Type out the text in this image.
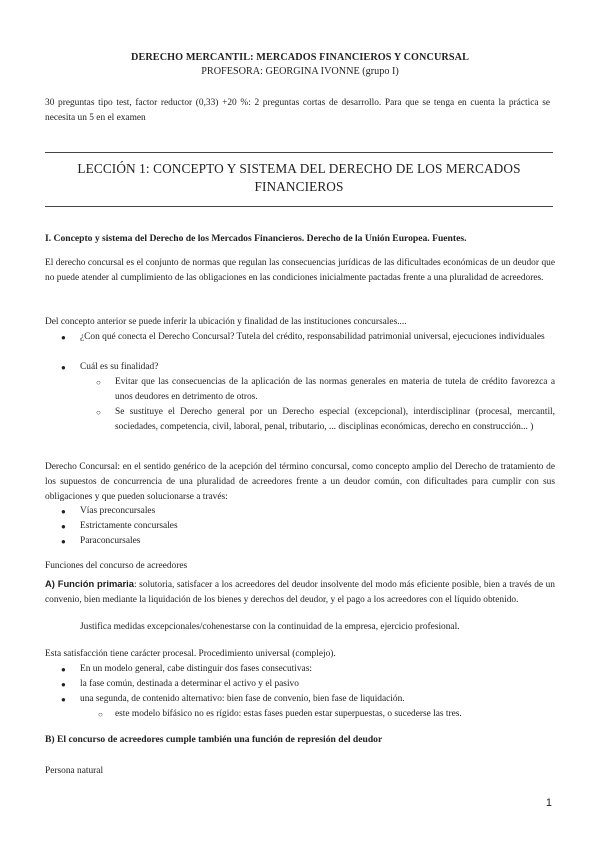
DERECHO MERCANTIL: MERCADOS FINANCIEROS Y CONCURSAL
PROFESORA: GEORGINA IVONNE (grupo I)
30 preguntas tipo test, factor reductor (0,33) +20 %: 2 preguntas cortas de desarrollo. Para que se tenga en cuenta la práctica se necesita un 5 en el examen
LECCIÓN 1: CONCEPTO Y SISTEMA DEL DERECHO DE LOS MERCADOS FINANCIEROS
I. Concepto y sistema del Derecho de los Mercados Financieros. Derecho de la Unión Europea. Fuentes.
El derecho concursal es el conjunto de normas que regulan las consecuencias jurídicas de las dificultades económicas de un deudor que no puede atender al cumplimiento de las obligaciones en las condiciones inicialmente pactadas frente a una pluralidad de acreedores.
Del concepto anterior se puede inferir la ubicación y finalidad de las instituciones concursales....
● ¿Con qué conecta el Derecho Concursal? Tutela del crédito, responsabilidad patrimonial universal, ejecuciones individuales
● Cuál es su finalidad?
○ Evitar que las consecuencias de la aplicación de las normas generales en materia de tutela de crédito favorezca a unos deudores en detrimento de otros.
○ Se sustituye el Derecho general por un Derecho especial (excepcional), interdisciplinar (procesal, mercantil, sociedades, competencia, civil, laboral, penal, tributario, ... disciplinas económicas, derecho en construcción... )
Derecho Concursal: en el sentido genérico de la acepción del término concursal, como concepto amplio del Derecho de tratamiento de los supuestos de concurrencia de una pluralidad de acreedores frente a un deudor común, con dificultades para cumplir con sus obligaciones y que pueden solucionarse a través:
● Vías preconcursales
● Estrictamente concursales
● Paraconcursales
Funciones del concurso de acreedores
A) Función primaria: solutoria, satisfacer a los acreedores del deudor insolvente del modo más eficiente posible, bien a través de un convenio, bien mediante la liquidación de los bienes y derechos del deudor, y el pago a los acreedores con el líquido obtenido.
Justifica medidas excepcionales/cohenestarse con la continuidad de la empresa, ejercicio profesional.
Esta satisfacción tiene carácter procesal. Procedimiento universal (complejo).
● En un modelo general, cabe distinguir dos fases consecutivas:
● la fase común, destinada a determinar el activo y el pasivo
● una segunda, de contenido alternativo: bien fase de convenio, bien fase de liquidación.
○ este modelo bifásico no es rígido: estas fases pueden estar superpuestas, o sucederse las tres.
B) El concurso de acreedores cumple también una función de represión del deudor
Persona natural
1
